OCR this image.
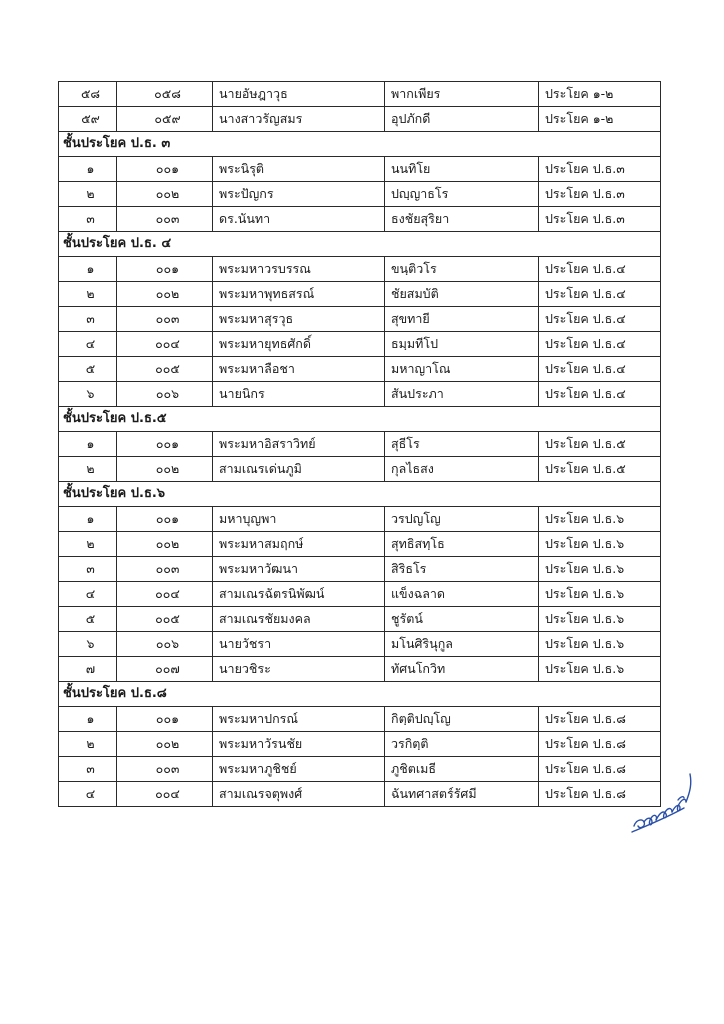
๕๘	๐๕๘	นายอัษฎาวุธ	พากเพียร	ประโยค ๑-๒
๕๙	๐๕๙	นางสาวรัญสมร	อุปภักดี	ประโยค ๑-๒
ชั้นประโยค ป.ธ. ๓				
๑	๐๐๑	พระนิรุติ	นนทิโย	ประโยค ป.ธ.๓
๒	๐๐๒	พระปัญกร	ปญฺญาธโร	ประโยค ป.ธ.๓
๓	๐๐๓	ดร.นันทา	ธงชัยสุริยา	ประโยค ป.ธ.๓
ชั้นประโยค ป.ธ. ๔				
๑	๐๐๑	พระมหาวรบรรณ	ขนฺติวโร	ประโยค ป.ธ.๔
๒	๐๐๒	พระมหาพุทธสรณ์	ชัยสมบัติ	ประโยค ป.ธ.๔
๓	๐๐๓	พระมหาสุรวุธ	สุขทายี	ประโยค ป.ธ.๔
๔	๐๐๔	พระมหายุทธศักดิ์	ธมฺมทีโป	ประโยค ป.ธ.๔
๕	๐๐๕	พระมหาลือชา	มหาญาโณ	ประโยค ป.ธ.๔
๖	๐๐๖	นายนิกร	สันประภา	ประโยค ป.ธ.๔
ชั้นประโยค ป.ธ.๕				
๑	๐๐๑	พระมหาอิสราวิทย์	สุธีโร	ประโยค ป.ธ.๕
๒	๐๐๒	สามเณรเด่นภูมิ	กุลไธสง	ประโยค ป.ธ.๕
ชั้นประโยค ป.ธ.๖				
๑	๐๐๑	มหาบุญพา	วรปญโญ	ประโยค ป.ธ.๖
๒	๐๐๒	พระมหาสมฤกษ์	สุทธิสทฺโธ	ประโยค ป.ธ.๖
๓	๐๐๓	พระมหาวัฒนา	สิริธโร	ประโยค ป.ธ.๖
๔	๐๐๔	สามเณรฉัตรนิพัฒน์	แข็งฉลาด	ประโยค ป.ธ.๖
๕	๐๐๕	สามเณรชัยมงคล	ชูรัตน์	ประโยค ป.ธ.๖
๖	๐๐๖	นายวัชรา	มโนศิรินุกูล	ประโยค ป.ธ.๖
๗	๐๐๗	นายวชิระ	ทัศนโกวิท	ประโยค ป.ธ.๖
ชั้นประโยค ป.ธ.๘				
๑	๐๐๑	พระมหาปกรณ์	กิตฺติปญฺโญ	ประโยค ป.ธ.๘
๒	๐๐๒	พระมหาวัรนชัย	วรกิตฺติ	ประโยค ป.ธ.๘
๓	๐๐๓	พระมหาภูชิชย์	ภูชิตเมธี	ประโยค ป.ธ.๘
๔	๐๐๔	สามเณรจตุพงศ์	ฉันทศาสตร์รัศมี	ประโยค ป.ธ.๘
